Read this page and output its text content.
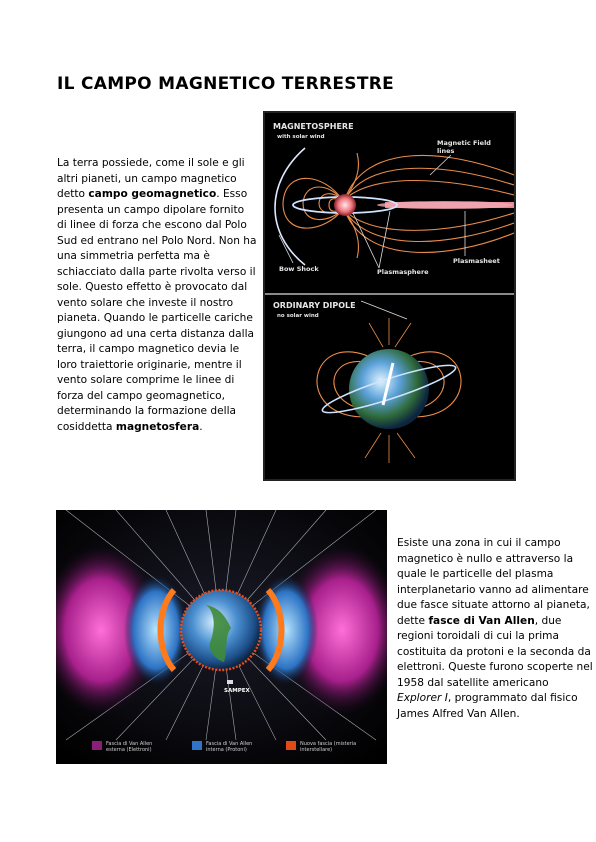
IL CAMPO MAGNETICO TERRESTRE

La terra possiede, come il sole e gli altri pianeti, un campo magnetico detto campo geomagnetico. Esso presenta un campo dipolare fornito di linee di forza che escono dal Polo Sud ed entrano nel Polo Nord. Non ha una simmetria perfetta ma è schiacciato dalla parte rivolta verso il sole. Questo effetto è provocato dal vento solare che investe il nostro pianeta. Quando le particelle cariche giungono ad una certa distanza dalla terra, il campo magnetico devia le loro traiettorie originarie, mentre il vento solare comprime le linee di forza del campo geomagnetico, determinando la formazione della cosiddetta magnetosfera.

MAGNETOSPHERE
with solar wind
Magnetic Field
lines
Plasmasheet
Bow Shock	Plasmasphere
ORDINARY DIPOLE
no solar wind
SAMPEX
Fascia di Van Allen
esterna (Elettroni)
Fascia di Van Allen
interna (Protoni)
Nuova fascia (misteria
interstellare)

Esiste una zona in cui il campo magnetico è nullo e attraverso la quale le particelle del plasma interplanetario vanno ad alimentare due fasce situate attorno al pianeta, dette fasce di Van Allen, due regioni toroidali di cui la prima costituita da protoni e la seconda da elettroni. Queste furono scoperte nel 1958 dal satellite americano Explorer I, programmato dal fisico James Alfred Van Allen.
